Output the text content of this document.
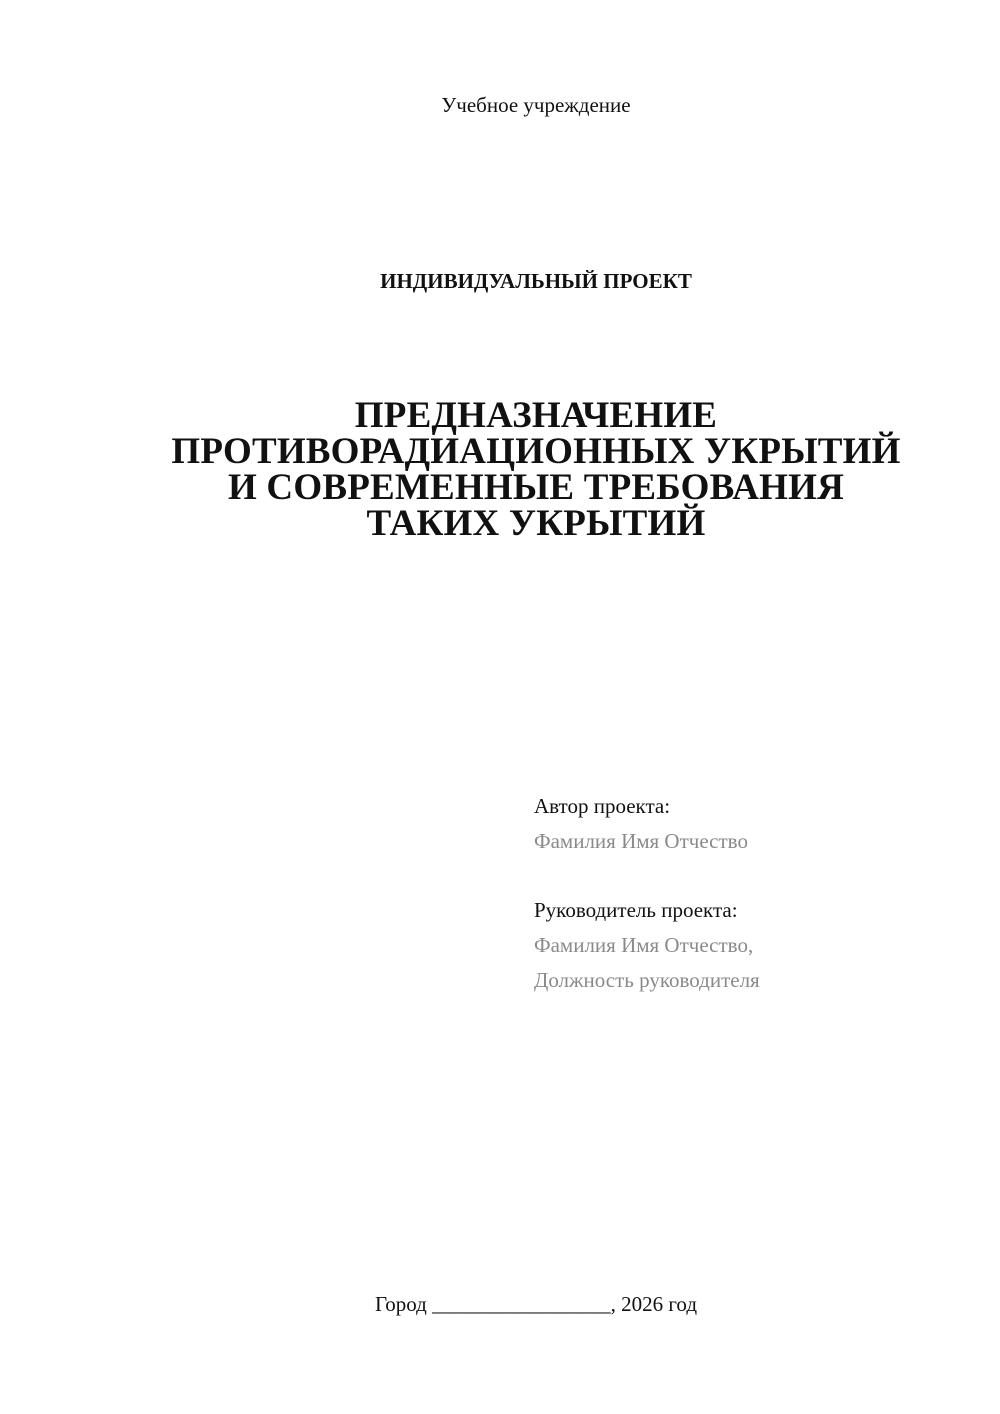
Учебное учреждение
ИНДИВИДУАЛЬНЫЙ ПРОЕКТ
ПРЕДНАЗНАЧЕНИЕ
ПРОТИВОРАДИАЦИОННЫХ УКРЫТИЙ
И СОВРЕМЕННЫЕ ТРЕБОВАНИЯ
ТАКИХ УКРЫТИЙ
Автор проекта:
Фамилия Имя Отчество
Руководитель проекта:
Фамилия Имя Отчество,
Должность руководителя
Город _________________, 2026 год
